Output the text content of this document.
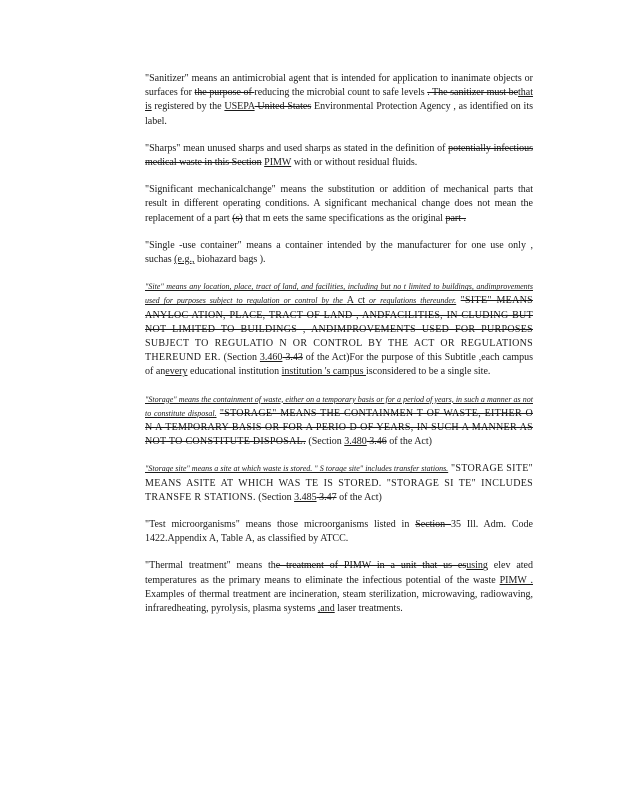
"Sanitizer" means an antimicrobial agent that is intended for application to inanimate objects or surfaces for the purpose of reducing the microbial count to safe levels . The sanitizer must bethat is registered by the USEPA United States Environmental Protection Agency , as identified on its label.

"Sharps" mean unused sharps and used sharps as stated in the definition of potentially infectious medical waste in this Section PIMW with or without residual fluids.

"Significant mechanicalchange" means the substitution or addition of mechanical parts that result in different operating conditions. A significant mechanical change does not mean the replacement of a part (s) that m eets the same specifications as the original part .

"Single -use container" means a container intended by the manufacturer for one use only , suchas (e.g., biohazard bags ).

"Site" means any location, place, tract of land, and facilities, including but no t limited to buildings, andimprovements used for purposes subject to regulation or control by the A ct or regulations thereunder. "SITE" MEANS ANYLOC ATION, PLACE, TRACT OF LAND , ANDFACILITIES, IN CLUDING BUT NOT LIMITED TO BUILDINGS , ANDIMPROVEMENTS USED FOR PURPOSES SUBJECT TO REGULATIO N OR CONTROL BY THE ACT OR REGULATIONS THEREUND ER. (Section 3.460 3.43 of the Act)For the purpose of this Subtitle ,each campus of anevery educational institution institution 's campus isconsidered to be a single site.

"Storage" means the containment of waste, either on a temporary basis or for a period of years, in such a manner as not to constitute disposal. "STORAGE" MEANS THE CONTAINMEN T OF WASTE, EITHER O N A TEMPORARY BASIS OR FOR A PERIO D OF YEARS, IN SUCH A MANNER AS NOT TO CONSTITUTE DISPOSAL. (Section 3.480 3.46 of the Act)

"Storage site" means a site at which waste is stored. " S torage site" includes transfer stations. "STORAGE SITE" MEANS ASITE AT WHICH WAS TE IS STORED. "STORAGE SI TE" INCLUDES TRANSFE R STATIONS. (Section 3.485 3.47 of the Act)

"Test microorganisms" means those microorganisms listed in Section 35 Ill. Adm. Code 1422.Appendix A, Table A, as classified by ATCC.

"Thermal treatment" means the treatment of PIMW in a unit that us esusing elev ated temperatures as the primary means to eliminate the infectious potential of the waste PIMW . Examples of thermal treatment are incineration, steam sterilization, microwaving, radiowaving, infraredheating, pyrolysis, plasma systems ,and laser treatments.
